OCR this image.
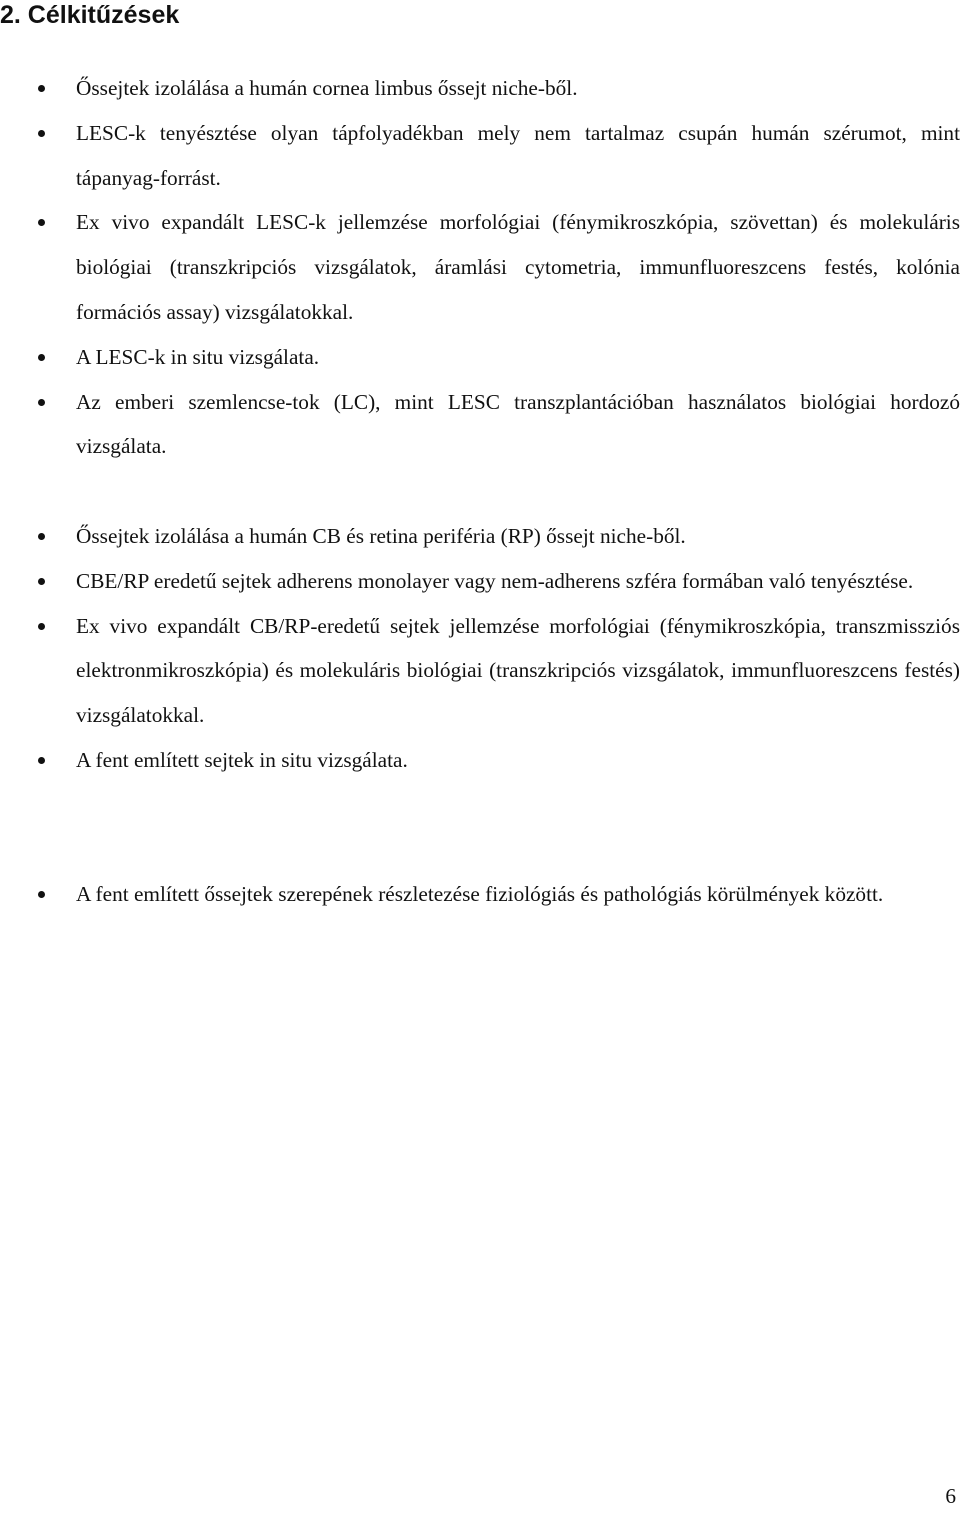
2. Célkitűzések
Őssejtek izolálása a humán cornea limbus őssejt niche-ből.
LESC-k tenyésztése olyan tápfolyadékban mely nem tartalmaz csupán humán szérumot, mint tápanyag-forrást.
Ex vivo expandált LESC-k jellemzése morfológiai (fénymikroszkópia, szövettan) és molekuláris biológiai (transzkripciós vizsgálatok, áramlási cytometria, immunfluoreszcens festés, kolónia formációs assay) vizsgálatokkal.
A LESC-k in situ vizsgálata.
Az emberi szemlencse-tok (LC), mint LESC transzplantációban használatos biológiai hordozó vizsgálata.
Őssejtek izolálása a humán CB és retina periféria (RP) őssejt niche-ből.
CBE/RP eredetű sejtek adherens monolayer vagy nem-adherens szféra formában való tenyésztése.
Ex vivo expandált CB/RP-eredetű sejtek jellemzése morfológiai (fénymikroszkópia, transzmissziós elektronmikroszkópia) és molekuláris biológiai (transzkripciós vizsgálatok, immunfluoreszcens festés) vizsgálatokkal.
A fent említett sejtek in situ vizsgálata.
A fent említett őssejtek szerepének részletezése fiziológiás és pathológiás körülmények között.
6
